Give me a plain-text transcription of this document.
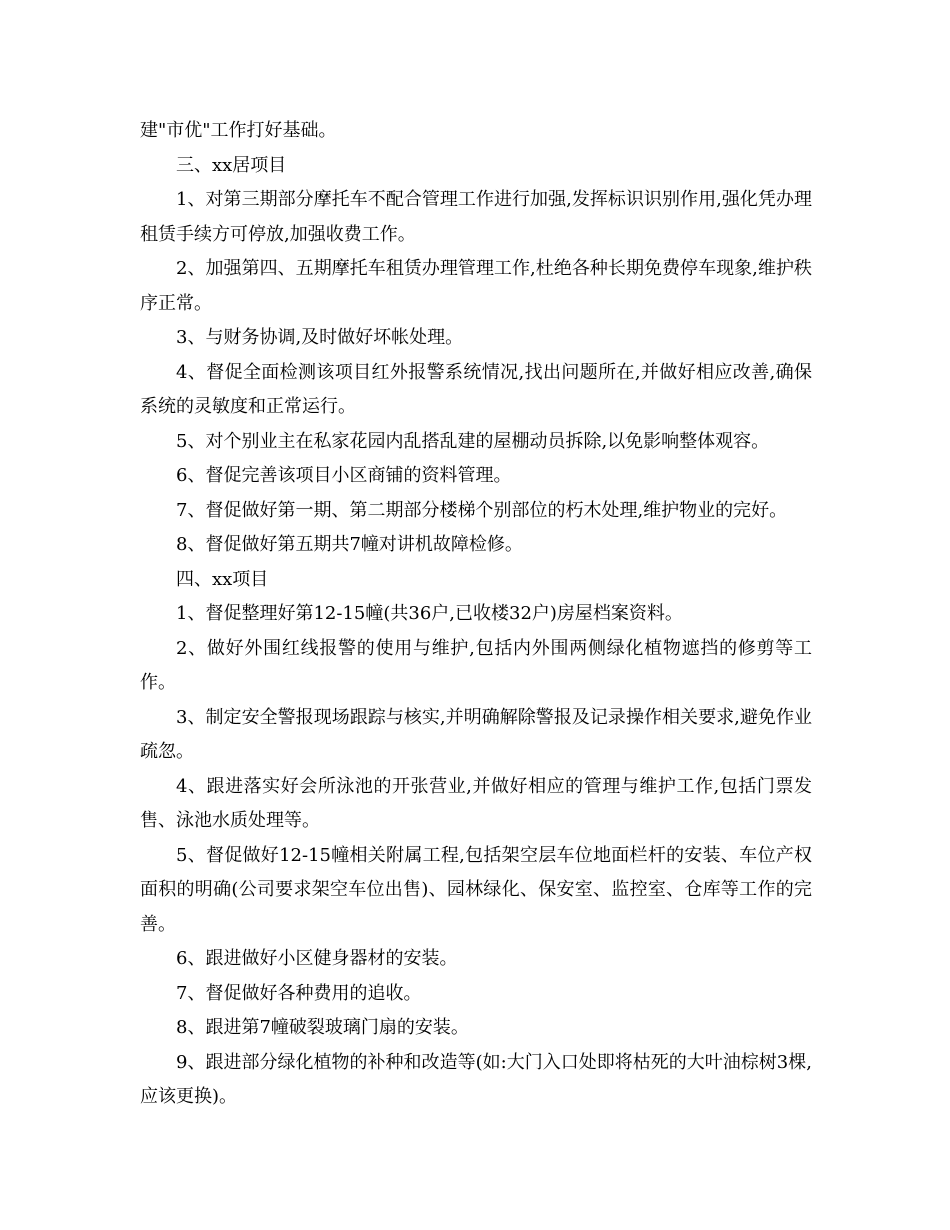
建"市优"工作打好基础。

三、xx居项目

1、对第三期部分摩托车不配合管理工作进行加强,发挥标识识别作用,强化凭办理租赁手续方可停放,加强收费工作。

2、加强第四、五期摩托车租赁办理管理工作,杜绝各种长期免费停车现象,维护秩序正常。

3、与财务协调,及时做好坏帐处理。

4、督促全面检测该项目红外报警系统情况,找出问题所在,并做好相应改善,确保系统的灵敏度和正常运行。

5、对个别业主在私家花园内乱搭乱建的屋棚动员拆除,以免影响整体观容。

6、督促完善该项目小区商铺的资料管理。

7、督促做好第一期、第二期部分楼梯个别部位的朽木处理,维护物业的完好。

8、督促做好第五期共7幢对讲机故障检修。

四、xx项目

1、督促整理好第12-15幢(共36户,已收楼32户)房屋档案资料。

2、做好外围红线报警的使用与维护,包括内外围两侧绿化植物遮挡的修剪等工作。

3、制定安全警报现场跟踪与核实,并明确解除警报及记录操作相关要求,避免作业疏忽。

4、跟进落实好会所泳池的开张营业,并做好相应的管理与维护工作,包括门票发售、泳池水质处理等。

5、督促做好12-15幢相关附属工程,包括架空层车位地面栏杆的安装、车位产权面积的明确(公司要求架空车位出售)、园林绿化、保安室、监控室、仓库等工作的完善。

6、跟进做好小区健身器材的安装。

7、督促做好各种费用的追收。

8、跟进第7幢破裂玻璃门扇的安装。

9、跟进部分绿化植物的补种和改造等(如:大门入口处即将枯死的大叶油棕树3棵,应该更换)。
